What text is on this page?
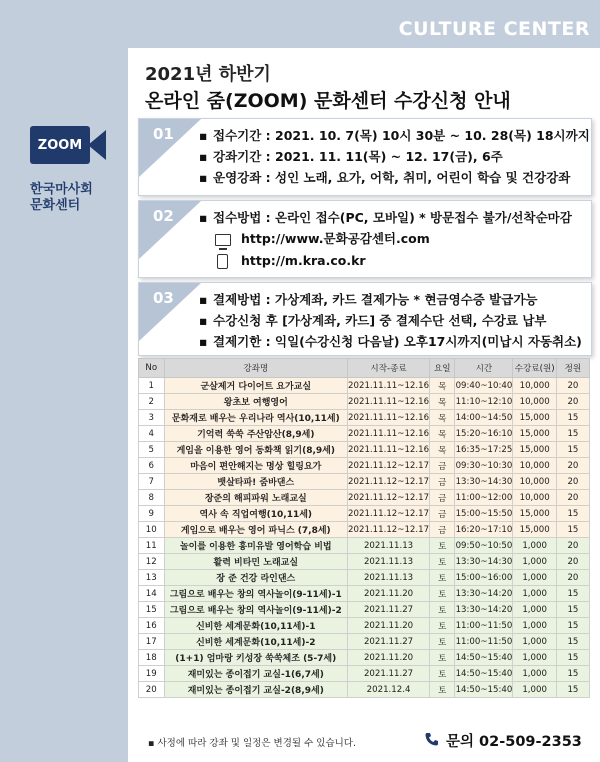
CULTURE CENTER
2021년 하반기
온라인 줌(ZOOM) 문화센터 수강신청 안내
ZOOM
한국마사회
문화센터
01 ▪ 접수기간 : 2021. 10. 7(목) 10시 30분 ~ 10. 28(목) 18시까지
▪ 강좌기간 : 2021. 11. 11(목) ~ 12. 17(금), 6주
▪ 운영강좌 : 성인 노래, 요가, 어학, 취미, 어린이 학습 및 건강강좌
02 ▪ 접수방법 : 온라인 접수(PC, 모바일) * 방문접수 불가/선착순마감
http://www.문화공감센터.com
http://m.kra.co.kr
03 ▪ 결제방법 : 가상계좌, 카드 결제가능 * 현금영수증 발급가능
▪ 수강신청 후 [가상계좌, 카드] 중 결제수단 선택, 수강료 납부
▪ 결제기한 : 익일(수강신청 다음날) 오후17시까지(미납시 자동취소)
No	강좌명	시작-종료	요일	시간	수강료(원)	정원
1	군살제거 다이어트 요가교실	2021.11.11~12.16	목	09:40~10:40	10,000	20
2	왕초보 여행영어	2021.11.11~12.16	목	11:10~12:10	10,000	20
3	문화재로 배우는 우리나라 역사(10,11세)	2021.11.11~12.16	목	14:00~14:50	15,000	15
4	기억력 쑥쑥 주산암산(8,9세)	2021.11.11~12.16	목	15:20~16:10	15,000	15
5	게임을 이용한 영어 동화책 읽기(8,9세)	2021.11.11~12.16	목	16:35~17:25	15,000	15
6	마음이 편안해지는 명상 힐링요가	2021.11.12~12.17	금	09:30~10:30	10,000	20
7	뱃살타파! 줌바댄스	2021.11.12~12.17	금	13:30~14:30	10,000	20
8	장준의 해피파워 노래교실	2021.11.12~12.17	금	11:00~12:00	10,000	20
9	역사 속 직업여행(10,11세)	2021.11.12~12.17	금	15:00~15:50	15,000	15
10	게임으로 배우는 영어 파닉스 (7,8세)	2021.11.12~12.17	금	16:20~17:10	15,000	15
11	놀이를 이용한 흥미유발 영어학습 비법	2021.11.13	토	09:50~10:50	1,000	20
12	활력 비타민 노래교실	2021.11.13	토	13:30~14:30	1,000	20
13	장 준 건강 라인댄스	2021.11.13	토	15:00~16:00	1,000	20
14	그림으로 배우는 창의 역사놀이(9-11세)-1	2021.11.20	토	13:30~14:20	1,000	15
15	그림으로 배우는 창의 역사놀이(9-11세)-2	2021.11.27	토	13:30~14:20	1,000	15
16	신비한 세계문화(10,11세)-1	2021.11.20	토	11:00~11:50	1,000	15
17	신비한 세계문화(10,11세)-2	2021.11.27	토	11:00~11:50	1,000	15
18	(1+1) 엄마랑 키성장 쑥쑥체조 (5-7세)	2021.11.20	토	14:50~15:40	1,000	15
19	재미있는 종이접기 교실-1(6,7세)	2021.11.27	토	14:50~15:40	1,000	15
20	재미있는 종이접기 교실-2(8,9세)	2021.12.4	토	14:50~15:40	1,000	15
▪ 사정에 따라 강좌 및 일정은 변경될 수 있습니다.	문의 02-509-2353
